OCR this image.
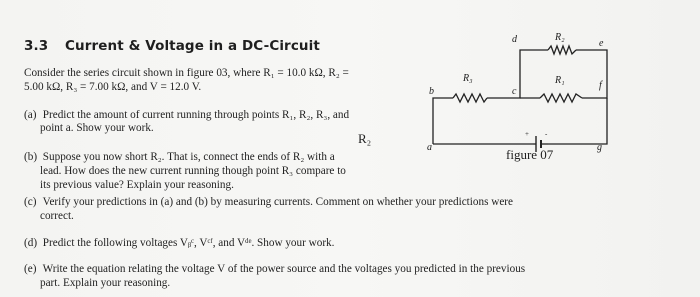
3.3 Current & Voltage in a DC-Circuit
Consider the series circuit shown in figure 03, where R₁ = 10.0 kΩ, R₂ =
5.00 kΩ, R₃ = 7.00 kΩ, and V = 12.0 V.
(a) Predict the amount of current running through points R₁, R₂, R₃, and
point a. Show your work.
R₂
(b) Suppose you now short R₂. That is, connect the ends of R₂ with a
lead. How does the new current running though point R₃ compare to
its previous value? Explain your reasoning.
(c) Verify your predictions in (a) and (b) by measuring currents. Comment on whether your predictions were
correct.
(d) Predict the following voltages Vᵦᶜ, Vᶜᶠ, and Vᵈᵉ. Show your work.
(e) Write the equation relating the voltage V of the power source and the voltages you predicted in the previous
part. Explain your reasoning.
+ -
b	c
d	e
f
g
a
R₃
R₂
R₁
figure 07
